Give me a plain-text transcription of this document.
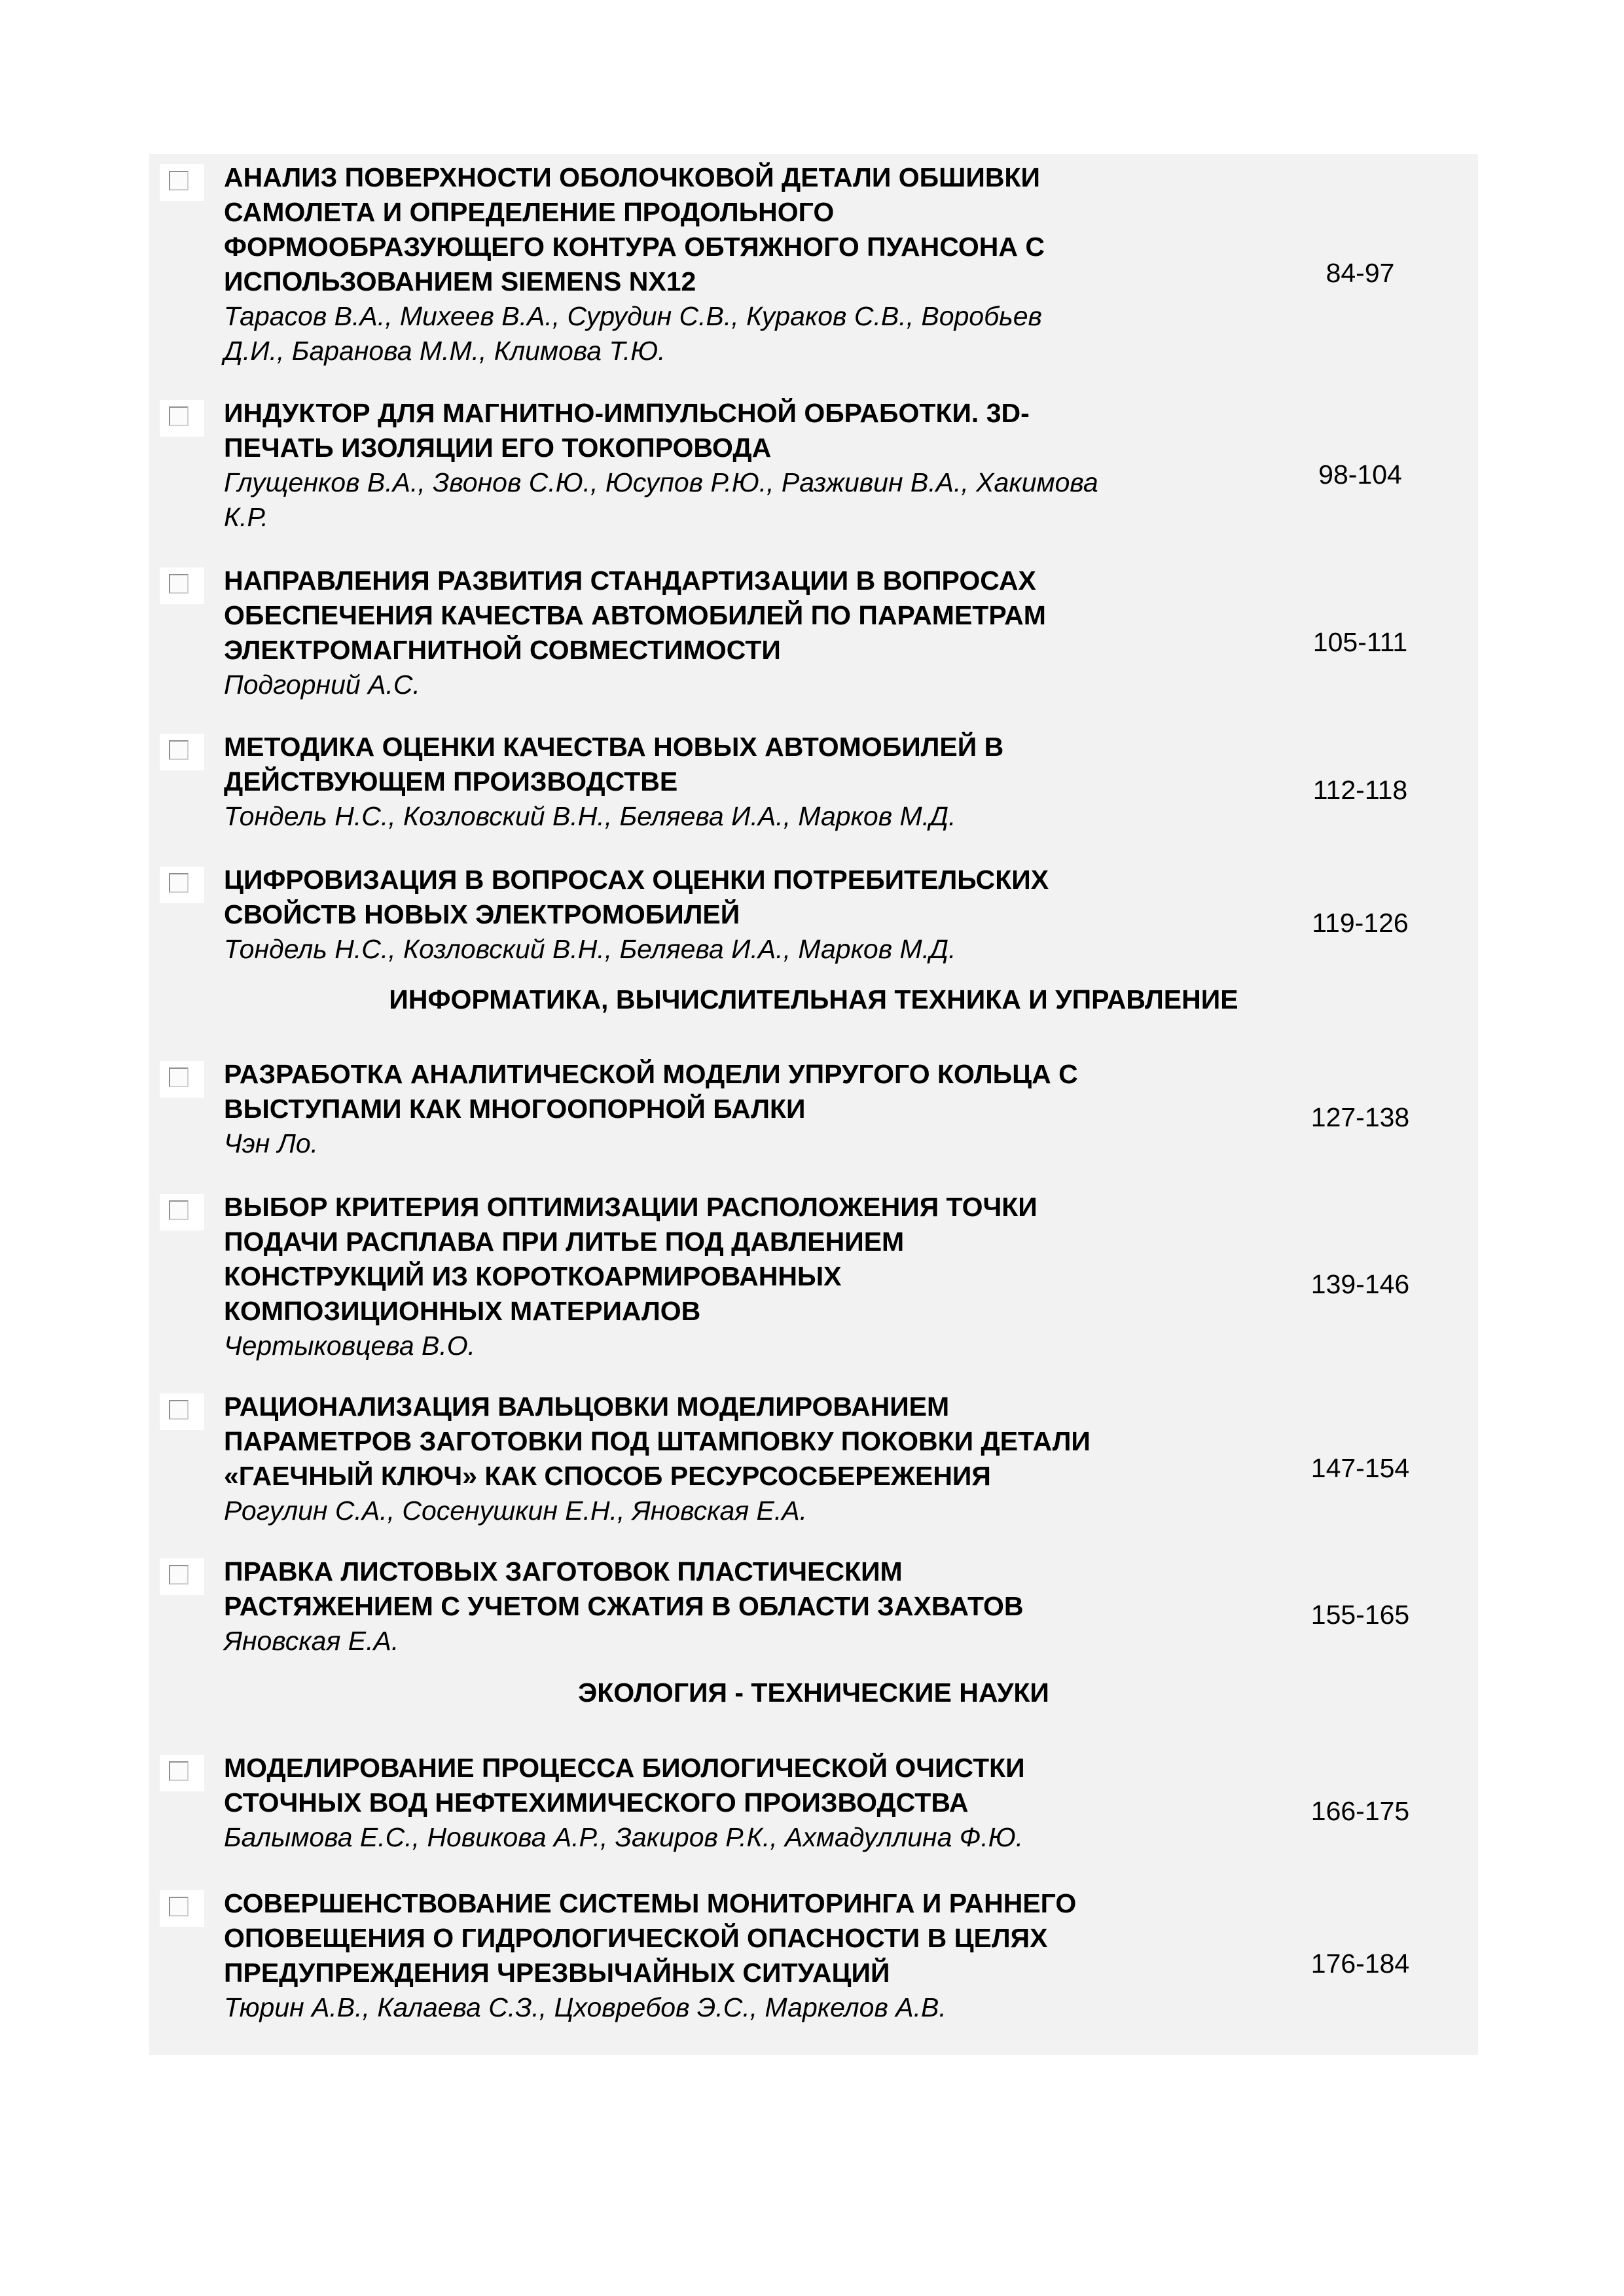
АНАЛИЗ ПОВЕРХНОСТИ ОБОЛОЧКОВОЙ ДЕТАЛИ ОБШИВКИ
САМОЛЕТА И ОПРЕДЕЛЕНИЕ ПРОДОЛЬНОГО
ФОРМООБРАЗУЮЩЕГО КОНТУРА ОБТЯЖНОГО ПУАНСОНА С
ИСПОЛЬЗОВАНИЕМ SIEMENS NX12
Тарасов В.А., Михеев В.А., Сурудин С.В., Кураков С.В., Воробьев
Д.И., Баранова М.М., Климова Т.Ю.
84-97
ИНДУКТОР ДЛЯ МАГНИТНО-ИМПУЛЬСНОЙ ОБРАБОТКИ. 3D-
ПЕЧАТЬ ИЗОЛЯЦИИ ЕГО ТОКОПРОВОДА
Глущенков В.А., Звонов С.Ю., Юсупов Р.Ю., Разживин В.А., Хакимова
К.Р.
98-104
НАПРАВЛЕНИЯ РАЗВИТИЯ СТАНДАРТИЗАЦИИ В ВОПРОСАХ
ОБЕСПЕЧЕНИЯ КАЧЕСТВА АВТОМОБИЛЕЙ ПО ПАРАМЕТРАМ
ЭЛЕКТРОМАГНИТНОЙ СОВМЕСТИМОСТИ
Подгорний А.С.
105-111
МЕТОДИКА ОЦЕНКИ КАЧЕСТВА НОВЫХ АВТОМОБИЛЕЙ В
ДЕЙСТВУЮЩЕМ ПРОИЗВОДСТВЕ
Тондель Н.С., Козловский В.Н., Беляева И.А., Марков М.Д.
112-118
ЦИФРОВИЗАЦИЯ В ВОПРОСАХ ОЦЕНКИ ПОТРЕБИТЕЛЬСКИХ
СВОЙСТВ НОВЫХ ЭЛЕКТРОМОБИЛЕЙ
Тондель Н.С., Козловский В.Н., Беляева И.А., Марков М.Д.
119-126
ИНФОРМАТИКА, ВЫЧИСЛИТЕЛЬНАЯ ТЕХНИКА И УПРАВЛЕНИЕ
РАЗРАБОТКА АНАЛИТИЧЕСКОЙ МОДЕЛИ УПРУГОГО КОЛЬЦА С
ВЫСТУПАМИ КАК МНОГООПОРНОЙ БАЛКИ
Чэн Ло.
127-138
ВЫБОР КРИТЕРИЯ ОПТИМИЗАЦИИ РАСПОЛОЖЕНИЯ ТОЧКИ
ПОДАЧИ РАСПЛАВА ПРИ ЛИТЬЕ ПОД ДАВЛЕНИЕМ
КОНСТРУКЦИЙ ИЗ КОРОТКОАРМИРОВАННЫХ
КОМПОЗИЦИОННЫХ МАТЕРИАЛОВ
Чертыковцева В.О.
139-146
РАЦИОНАЛИЗАЦИЯ ВАЛЬЦОВКИ МОДЕЛИРОВАНИЕМ
ПАРАМЕТРОВ ЗАГОТОВКИ ПОД ШТАМПОВКУ ПОКОВКИ ДЕТАЛИ
«ГАЕЧНЫЙ КЛЮЧ» КАК СПОСОБ РЕСУРСОСБЕРЕЖЕНИЯ
Рогулин С.А., Сосенушкин Е.Н., Яновская Е.А.
147-154
ПРАВКА ЛИСТОВЫХ ЗАГОТОВОК ПЛАСТИЧЕСКИМ
РАСТЯЖЕНИЕМ С УЧЕТОМ СЖАТИЯ В ОБЛАСТИ ЗАХВАТОВ
Яновская Е.А.
155-165
ЭКОЛОГИЯ - ТЕХНИЧЕСКИЕ НАУКИ
МОДЕЛИРОВАНИЕ ПРОЦЕССА БИОЛОГИЧЕСКОЙ ОЧИСТКИ
СТОЧНЫХ ВОД НЕФТЕХИМИЧЕСКОГО ПРОИЗВОДСТВА
Балымова Е.С., Новикова А.Р., Закиров Р.К., Ахмадуллина Ф.Ю.
166-175
СОВЕРШЕНСТВОВАНИЕ СИСТЕМЫ МОНИТОРИНГА И РАННЕГО
ОПОВЕЩЕНИЯ О ГИДРОЛОГИЧЕСКОЙ ОПАСНОСТИ В ЦЕЛЯХ
ПРЕДУПРЕЖДЕНИЯ ЧРЕЗВЫЧАЙНЫХ СИТУАЦИЙ
Тюрин А.В., Калаева С.З., Цховребов Э.С., Маркелов А.В.
176-184
